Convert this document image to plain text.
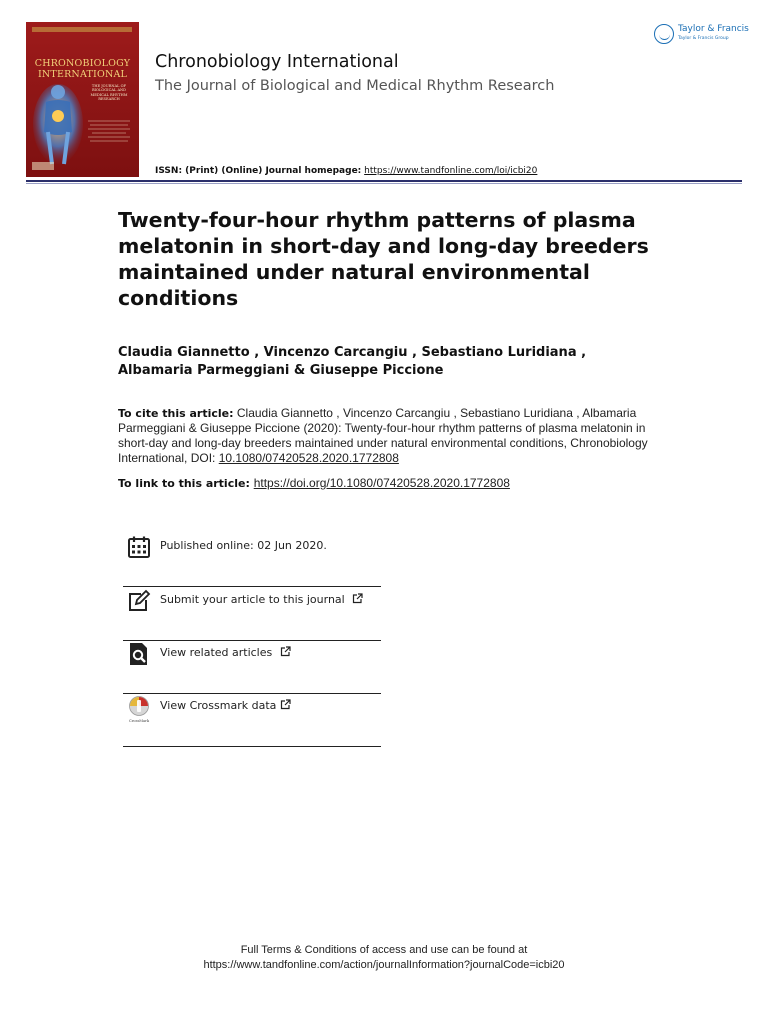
CHRONOBIOLOGY
INTERNATIONAL
THE JOURNAL OF BIOLOGICAL AND MEDICAL RHYTHM RESEARCH
Chronobiology International
The Journal of Biological and Medical Rhythm Research
ISSN: (Print) (Online) Journal homepage: https://www.tandfonline.com/loi/icbi20
Taylor & Francis
Taylor & Francis Group
Twenty-four-hour rhythm patterns of plasma melatonin in short-day and long-day breeders maintained under natural environmental conditions
Claudia Giannetto , Vincenzo Carcangiu , Sebastiano Luridiana , Albamaria Parmeggiani & Giuseppe Piccione
To cite this article: Claudia Giannetto , Vincenzo Carcangiu , Sebastiano Luridiana , Albamaria Parmeggiani & Giuseppe Piccione (2020): Twenty-four-hour rhythm patterns of plasma melatonin in short-day and long-day breeders maintained under natural environmental conditions, Chronobiology International, DOI: 10.1080/07420528.2020.1772808
To link to this article: https://doi.org/10.1080/07420528.2020.1772808
Published online: 02 Jun 2020.
Submit your article to this journal
View related articles
CrossMark
View Crossmark data
Full Terms & Conditions of access and use can be found at
https://www.tandfonline.com/action/journalInformation?journalCode=icbi20
